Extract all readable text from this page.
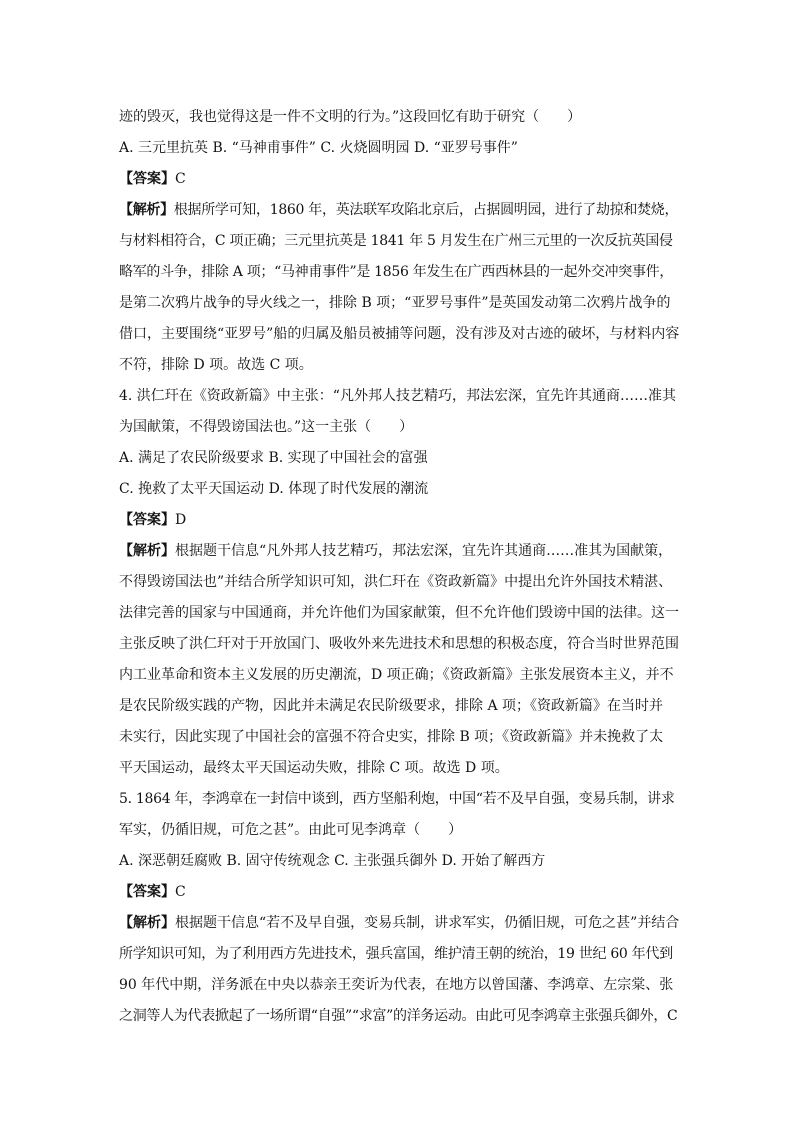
迹的毁灭，我也觉得这是一件不文明的行为。”这段回忆有助于研究（　　）
A. 三元里抗英 B. “马神甫事件” C. 火烧圆明园 D. “亚罗号事件”
【答案】C
【解析】根据所学可知，1860 年，英法联军攻陷北京后，占据圆明园，进行了劫掠和焚烧，
与材料相符合，C 项正确；三元里抗英是 1841 年 5 月发生在广州三元里的一次反抗英国侵
略军的斗争，排除 A 项；“马神甫事件”是 1856 年发生在广西西林县的一起外交冲突事件，
是第二次鸦片战争的导火线之一，排除 B 项；“亚罗号事件”是英国发动第二次鸦片战争的
借口，主要围绕“亚罗号”船的归属及船员被捕等问题，没有涉及对古迹的破坏，与材料内容
不符，排除 D 项。故选 C 项。
4. 洪仁玕在《资政新篇》中主张：“凡外邦人技艺精巧，邦法宏深，宜先许其通商……准其
为国献策，不得毁谤国法也。”这一主张（　　）
A. 满足了农民阶级要求 B. 实现了中国社会的富强
C. 挽救了太平天国运动 D. 体现了时代发展的潮流
【答案】D
【解析】根据题干信息“凡外邦人技艺精巧，邦法宏深，宜先许其通商……准其为国献策，
不得毁谤国法也”并结合所学知识可知，洪仁玕在《资政新篇》中提出允许外国技术精湛、
法律完善的国家与中国通商，并允许他们为国家献策，但不允许他们毁谤中国的法律。这一
主张反映了洪仁玕对于开放国门、吸收外来先进技术和思想的积极态度，符合当时世界范围
内工业革命和资本主义发展的历史潮流，D 项正确；《资政新篇》主张发展资本主义，并不
是农民阶级实践的产物，因此并未满足农民阶级要求，排除 A 项；《资政新篇》在当时并
未实行，因此实现了中国社会的富强不符合史实，排除 B 项；《资政新篇》并未挽救了太
平天国运动，最终太平天国运动失败，排除 C 项。故选 D 项。
5. 1864 年，李鸿章在一封信中谈到，西方坚船利炮，中国“若不及早自强，变易兵制，讲求
军实，仍循旧规，可危之甚”。由此可见李鸿章（　　）
A. 深恶朝廷腐败 B. 固守传统观念 C. 主张强兵御外 D. 开始了解西方
【答案】C
【解析】根据题干信息“若不及早自强，变易兵制，讲求军实，仍循旧规，可危之甚”并结合
所学知识可知，为了利用西方先进技术，强兵富国，维护清王朝的统治，19 世纪 60 年代到
90 年代中期，洋务派在中央以恭亲王奕䜣为代表，在地方以曾国藩、李鸿章、左宗棠、张
之洞等人为代表掀起了一场所谓“自强”“求富”的洋务运动。由此可见李鸿章主张强兵御外，C
